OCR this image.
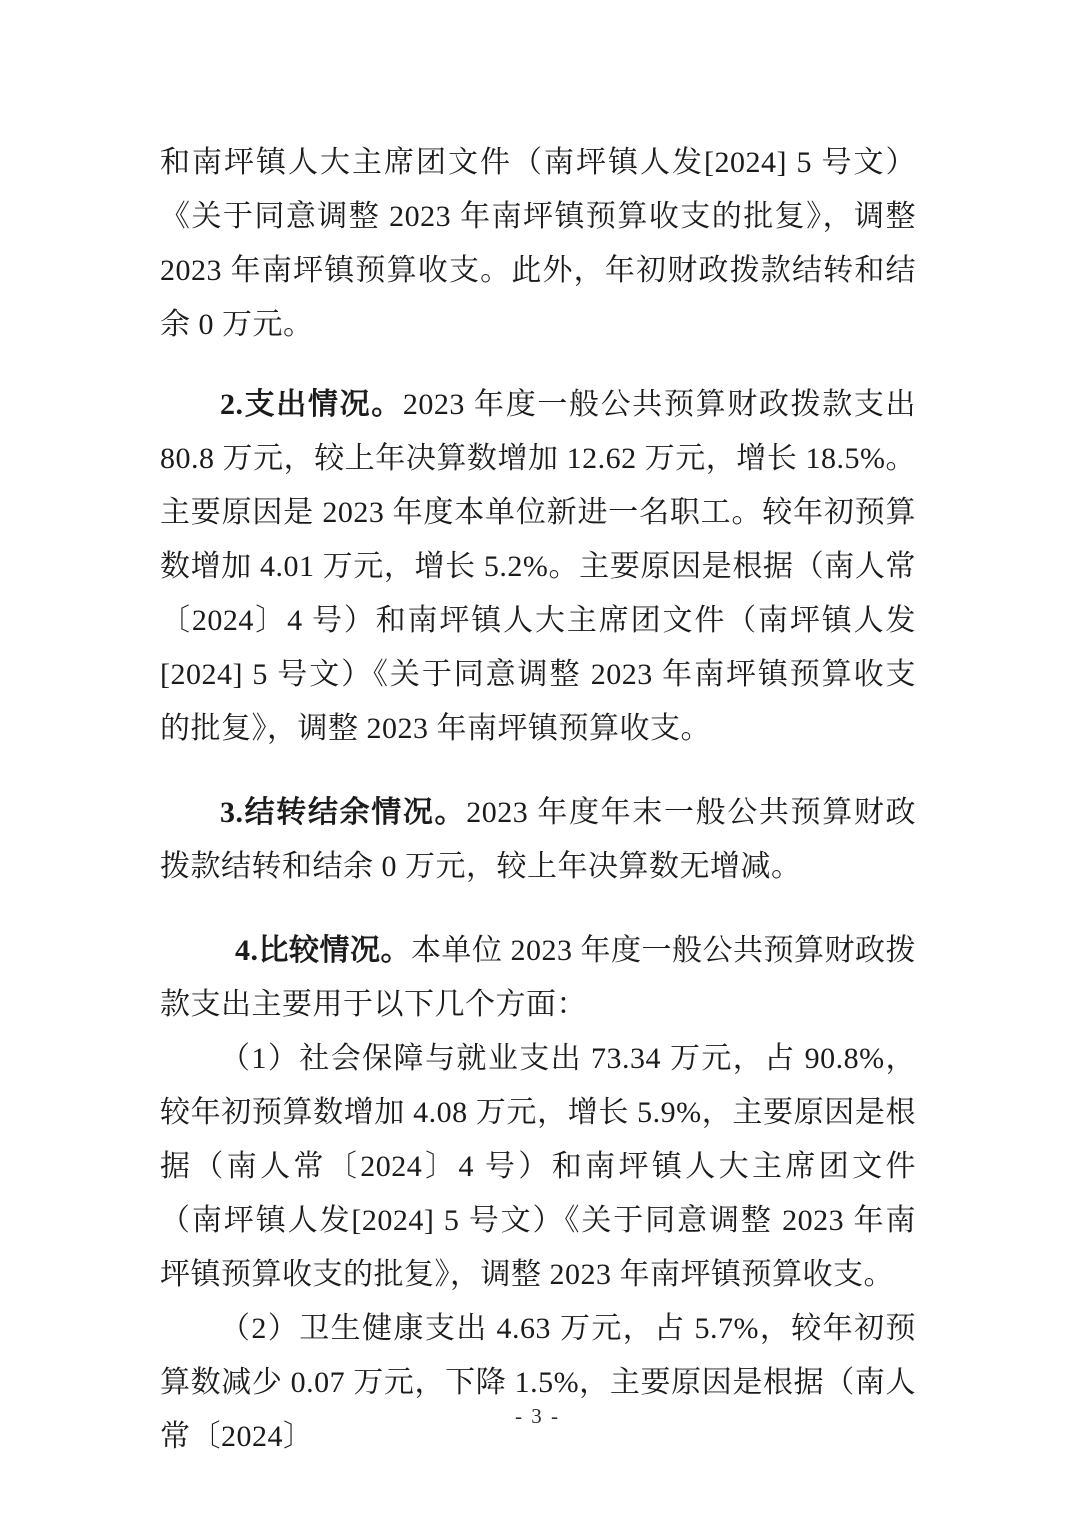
和南坪镇人大主席团文件（南坪镇人发[2024] 5 号文）《关于同意调整 2023 年南坪镇预算收支的批复》，调整 2023 年南坪镇预算收支。此外，年初财政拨款结转和结余 0 万元。

2.支出情况。2023 年度一般公共预算财政拨款支出 80.8 万元，较上年决算数增加 12.62 万元，增长 18.5%。主要原因是 2023 年度本单位新进一名职工。较年初预算数增加 4.01 万元，增长 5.2%。主要原因是根据（南人常〔2024〕4 号）和南坪镇人大主席团文件（南坪镇人发[2024] 5 号文）《关于同意调整 2023 年南坪镇预算收支的批复》，调整 2023 年南坪镇预算收支。

3.结转结余情况。2023 年度年末一般公共预算财政拨款结转和结余 0 万元，较上年决算数无增减。

4.比较情况。本单位 2023 年度一般公共预算财政拨款支出主要用于以下几个方面：

（1）社会保障与就业支出 73.34 万元，占 90.8%，较年初预算数增加 4.08 万元，增长 5.9%，主要原因是根据（南人常〔2024〕4 号）和南坪镇人大主席团文件（南坪镇人发[2024] 5 号文）《关于同意调整 2023 年南坪镇预算收支的批复》，调整 2023 年南坪镇预算收支。

（2）卫生健康支出 4.63 万元，占 5.7%，较年初预算数减少 0.07 万元，下降 1.5%，主要原因是根据（南人常〔2024〕

- 3 -
